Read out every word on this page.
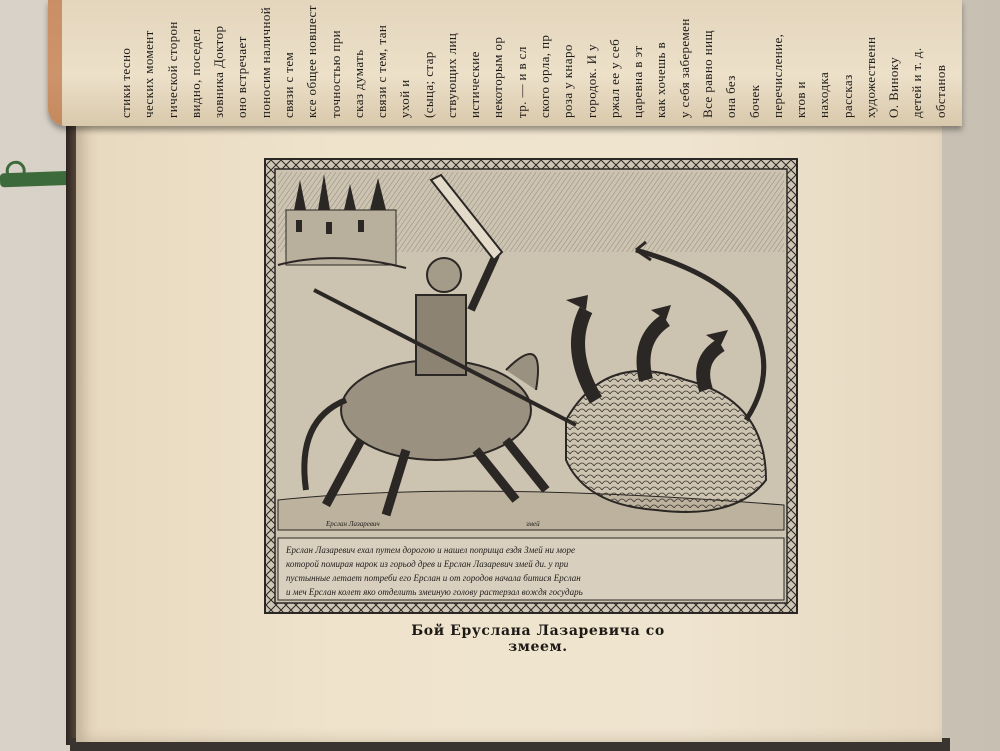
стики тесно ческих момент гической сторон видно, поседел зовника Доктор оно встречает поносим наличной связи с тем ксе общее новшест точностью при сказ думать связи с тем, тан ухой и (сыца; стар ствующих лиц истические некоторым ор тр. — и в сл ского орла, пр роза у кнаро городок. И у ржал ее у себ царевна в эт как хочешь в у себя заберемен Все равно нищ она без бочек перечисление, ктов и находка рассказ художественн О. Виноку детей и т. д. обстанов
Ерслан Лазаревич ехал путем дорогою и нашел поприща ездя Змей ни море
которой помирая нарок из горьод древ и Ерслан Лазаревич змей ди. у при
пустынные летает потреби его Ерслан и от городов начала битися Ерслан
и меч Ерслан колет яко отделить змеиную голову растерзал вождя государь
Ерслан Лазаревич	змей
Бой Еруслана Лазаревича со змеем.
